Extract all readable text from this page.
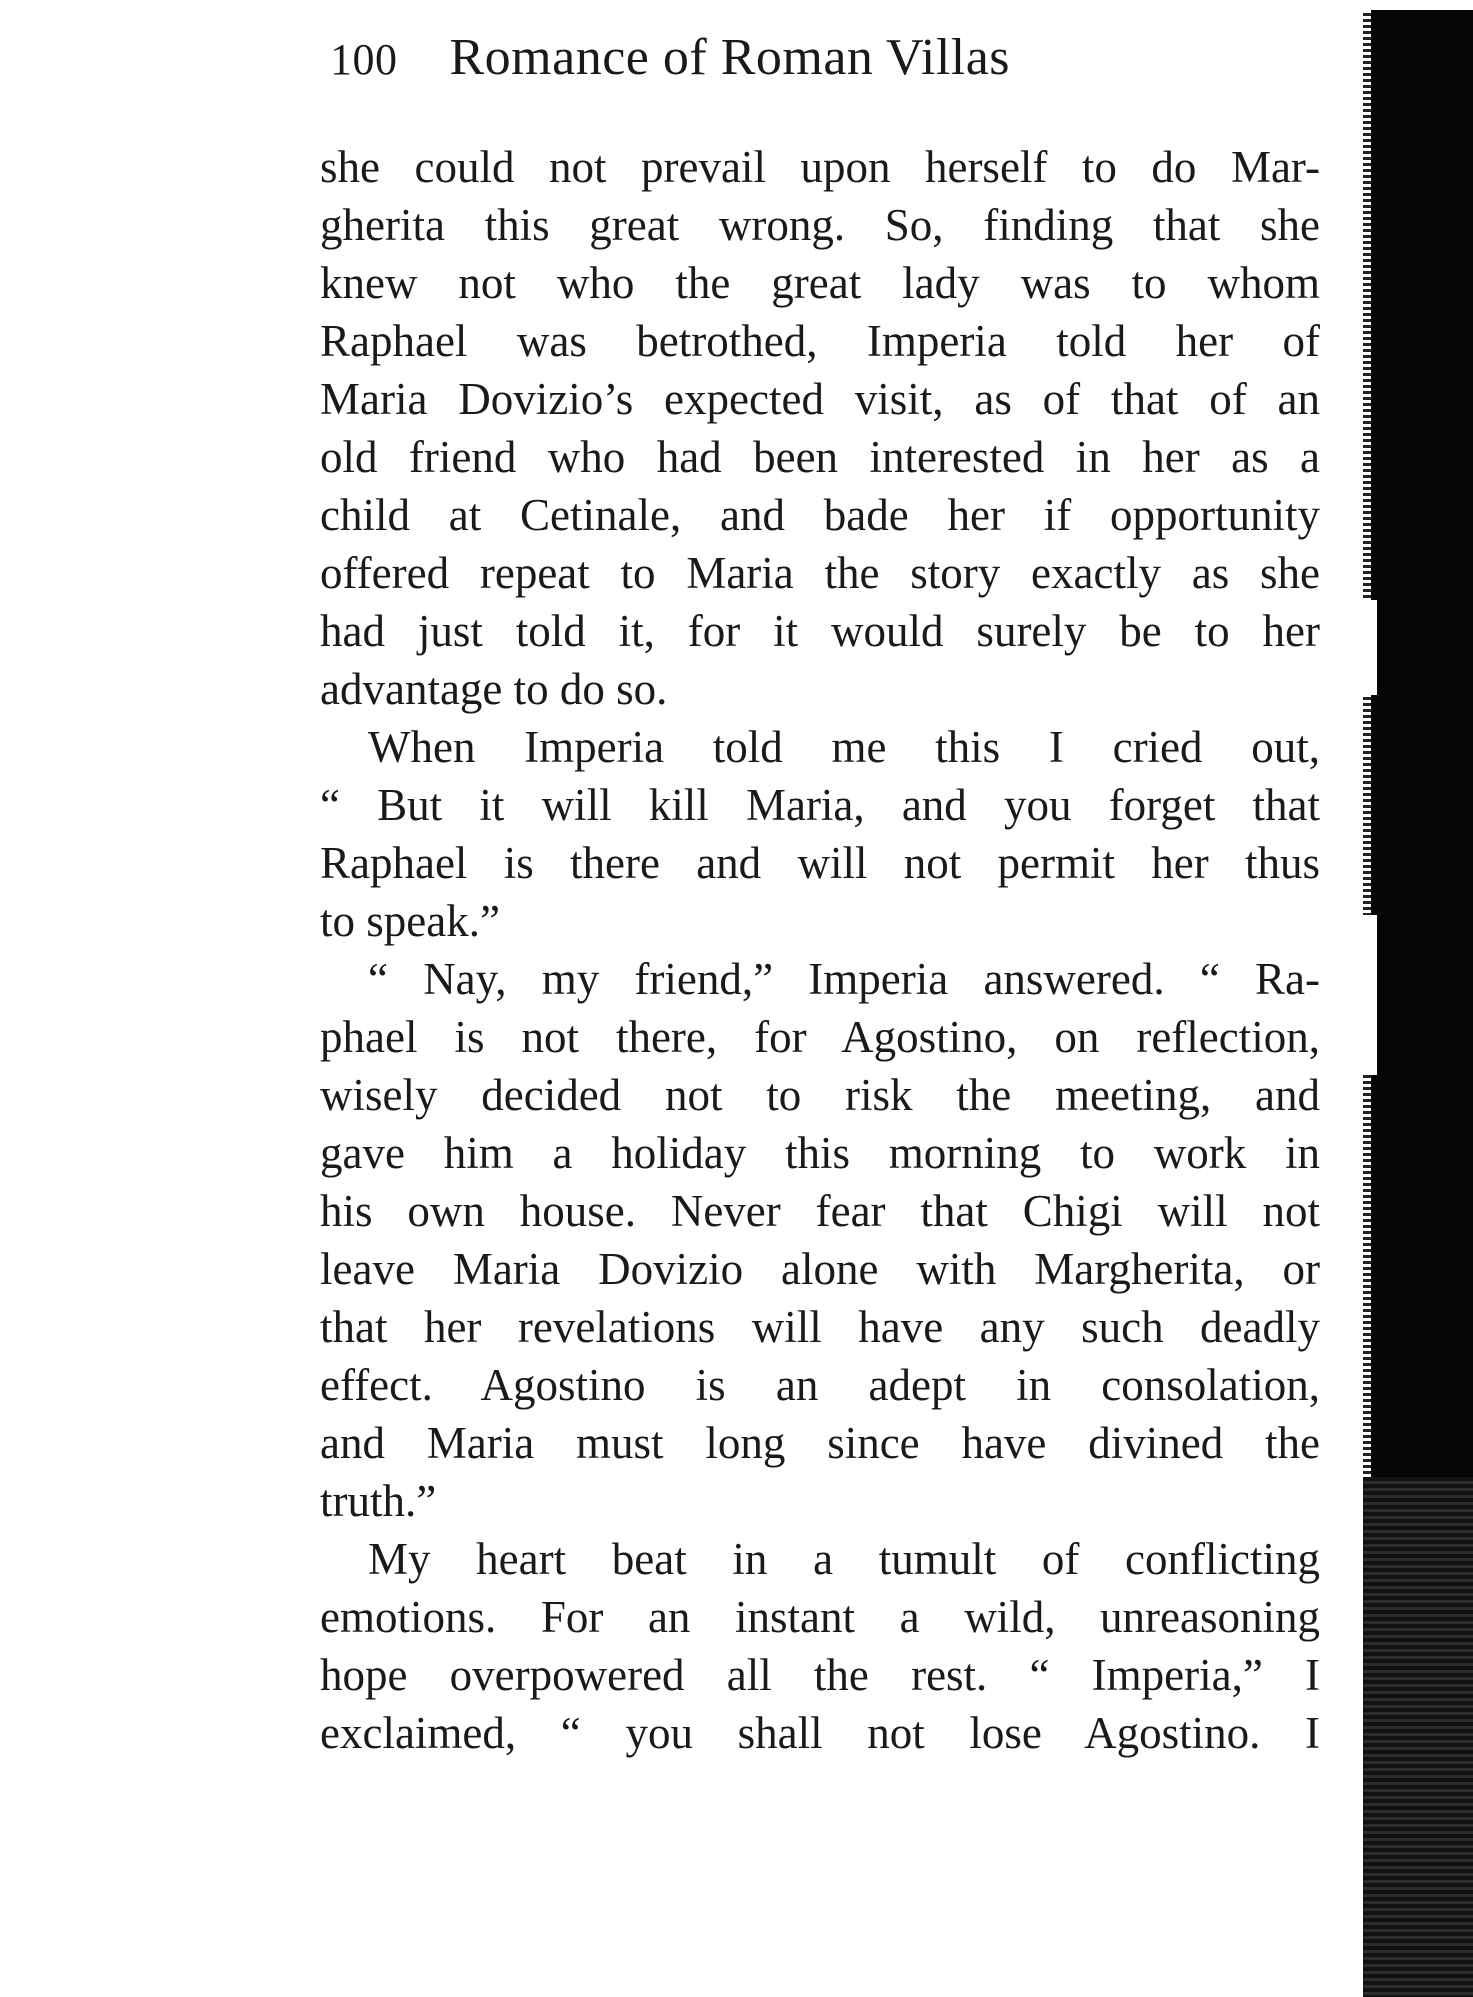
100 Romance of Roman Villas
she could not prevail upon herself to do Mar-
gherita this great wrong. So, finding that she
knew not who the great lady was to whom
Raphael was betrothed, Imperia told her of
Maria Dovizio’s expected visit, as of that of an
old friend who had been interested in her as a
child at Cetinale, and bade her if opportunity
offered repeat to Maria the story exactly as she
had just told it, for it would surely be to her
advantage to do so.
When Imperia told me this I cried out,
“ But it will kill Maria, and you forget that
Raphael is there and will not permit her thus
to speak.”
“ Nay, my friend,” Imperia answered. “ Ra-
phael is not there, for Agostino, on reflection,
wisely decided not to risk the meeting, and
gave him a holiday this morning to work in
his own house. Never fear that Chigi will not
leave Maria Dovizio alone with Margherita, or
that her revelations will have any such deadly
effect. Agostino is an adept in consolation,
and Maria must long since have divined the
truth.”
My heart beat in a tumult of conflicting
emotions. For an instant a wild, unreasoning
hope overpowered all the rest. “ Imperia,” I
exclaimed, “ you shall not lose Agostino. I
